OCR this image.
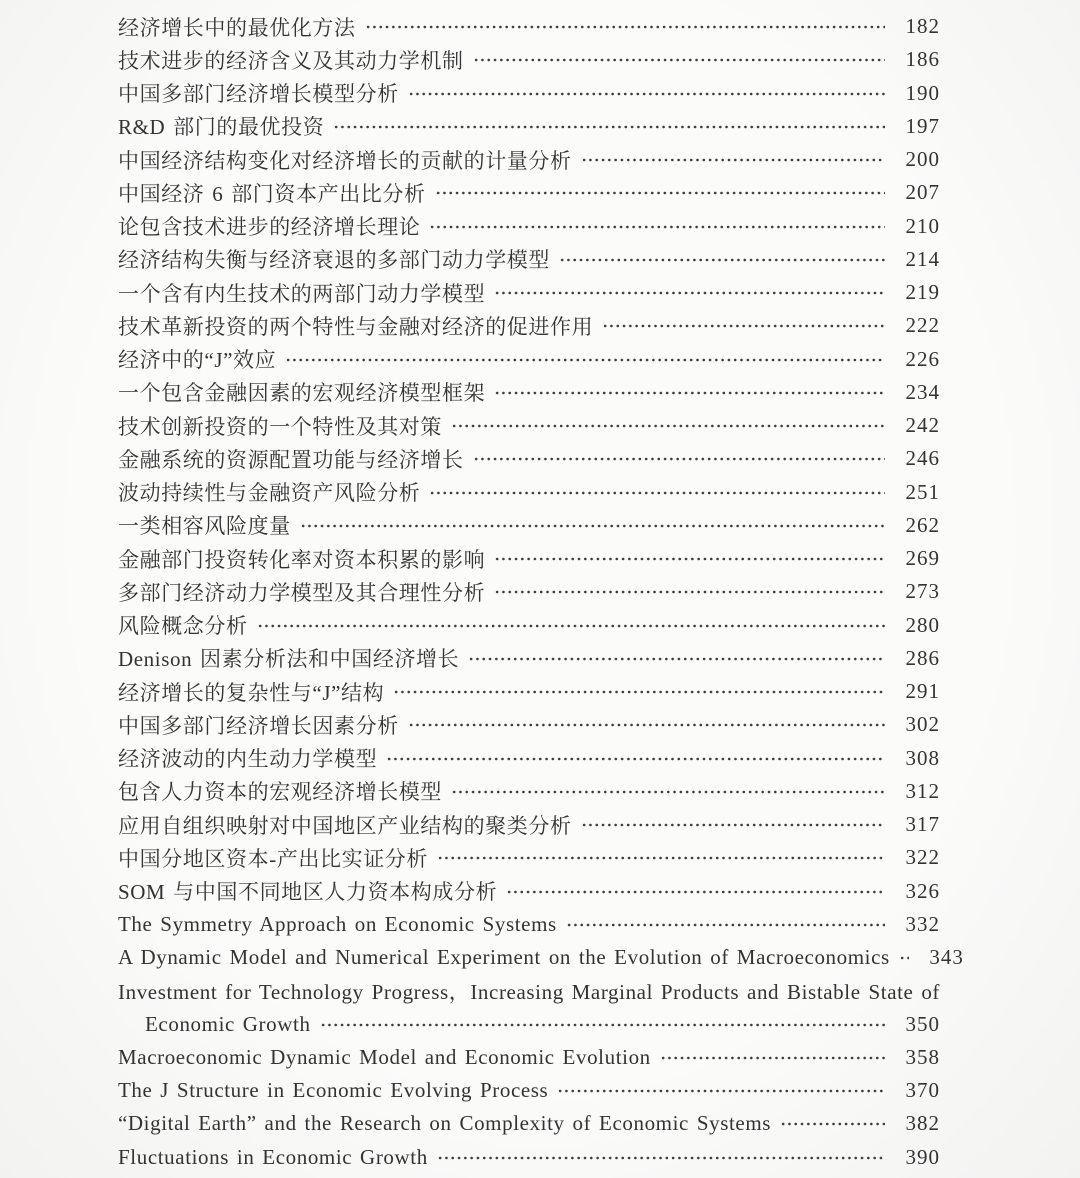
经济增长中的最优化方法	182
技术进步的经济含义及其动力学机制	186
中国多部门经济增长模型分析	190
R&D 部门的最优投资	197
中国经济结构变化对经济增长的贡献的计量分析	200
中国经济 6 部门资本产出比分析	207
论包含技术进步的经济增长理论	210
经济结构失衡与经济衰退的多部门动力学模型	214
一个含有内生技术的两部门动力学模型	219
技术革新投资的两个特性与金融对经济的促进作用	222
经济中的“J”效应	226
一个包含金融因素的宏观经济模型框架	234
技术创新投资的一个特性及其对策	242
金融系统的资源配置功能与经济增长	246
波动持续性与金融资产风险分析	251
一类相容风险度量	262
金融部门投资转化率对资本积累的影响	269
多部门经济动力学模型及其合理性分析	273
风险概念分析	280
Denison 因素分析法和中国经济增长	286
经济增长的复杂性与“J”结构	291
中国多部门经济增长因素分析	302
经济波动的内生动力学模型	308
包含人力资本的宏观经济增长模型	312
应用自组织映射对中国地区产业结构的聚类分析	317
中国分地区资本-产出比实证分析	322
SOM 与中国不同地区人力资本构成分析	326
The Symmetry Approach on Economic Systems	332
A Dynamic Model and Numerical Experiment on the Evolution of Macroeconomics	343
Investment for Technology Progress，Increasing Marginal Products and Bistable State of
Economic Growth	350
Macroeconomic Dynamic Model and Economic Evolution	358
The J Structure in Economic Evolving Process	370
“Digital Earth” and the Research on Complexity of Economic Systems	382
Fluctuations in Economic Growth	390
